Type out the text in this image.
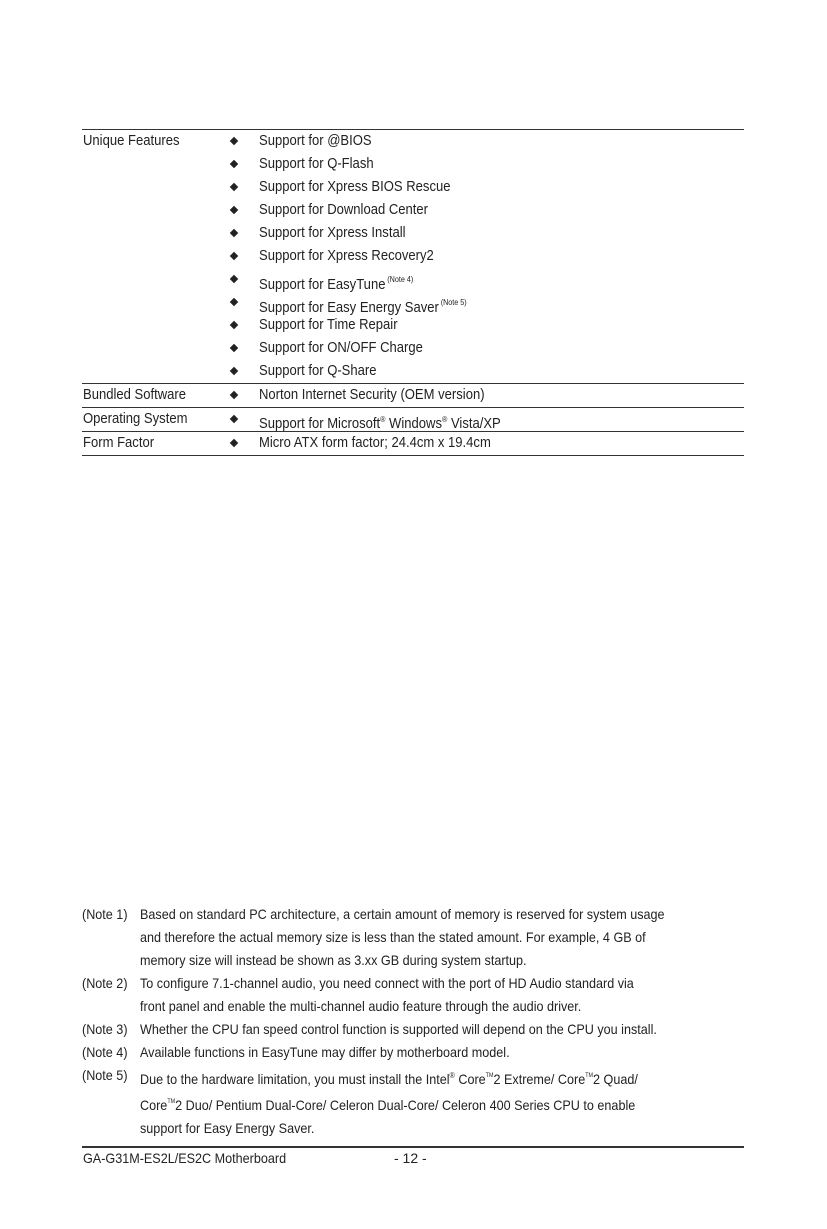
Unique Features	Support for @BIOS
Support for Q-Flash
Support for Xpress BIOS Rescue
Support for Download Center
Support for Xpress Install
Support for Xpress Recovery2
Support for EasyTune $^{(Note 4)}$
Support for Easy Energy Saver $^{(Note 5)}$
Support for Time Repair
Support for ON/OFF Charge
Support for Q-Share
Bundled Software	Norton Internet Security (OEM version)
Operating System	Support for Microsoft® Windows® Vista/XP
Form Factor	Micro ATX form factor; 24.4cm x 19.4cm
(Note 1) Based on standard PC architecture, a certain amount of memory is reserved for system usage
and therefore the actual memory size is less than the stated amount. For example, 4 GB of
memory size will instead be shown as 3.xx GB during system startup.
(Note 2) To configure 7.1-channel audio, you need connect with the port of HD Audio standard via
front panel and enable the multi-channel audio feature through the audio driver.
(Note 3) Whether the CPU fan speed control function is supported will depend on the CPU you install.
(Note 4) Available functions in EasyTune may differ by motherboard model.
(Note 5) Due to the hardware limitation, you must install the Intel® Core™2 Extreme/ Core™2 Quad/
Core™2 Duo/ Pentium Dual-Core/ Celeron Dual-Core/ Celeron 400 Series CPU to enable
support for Easy Energy Saver.
GA-G31M-ES2L/ES2C Motherboard	- 12 -
